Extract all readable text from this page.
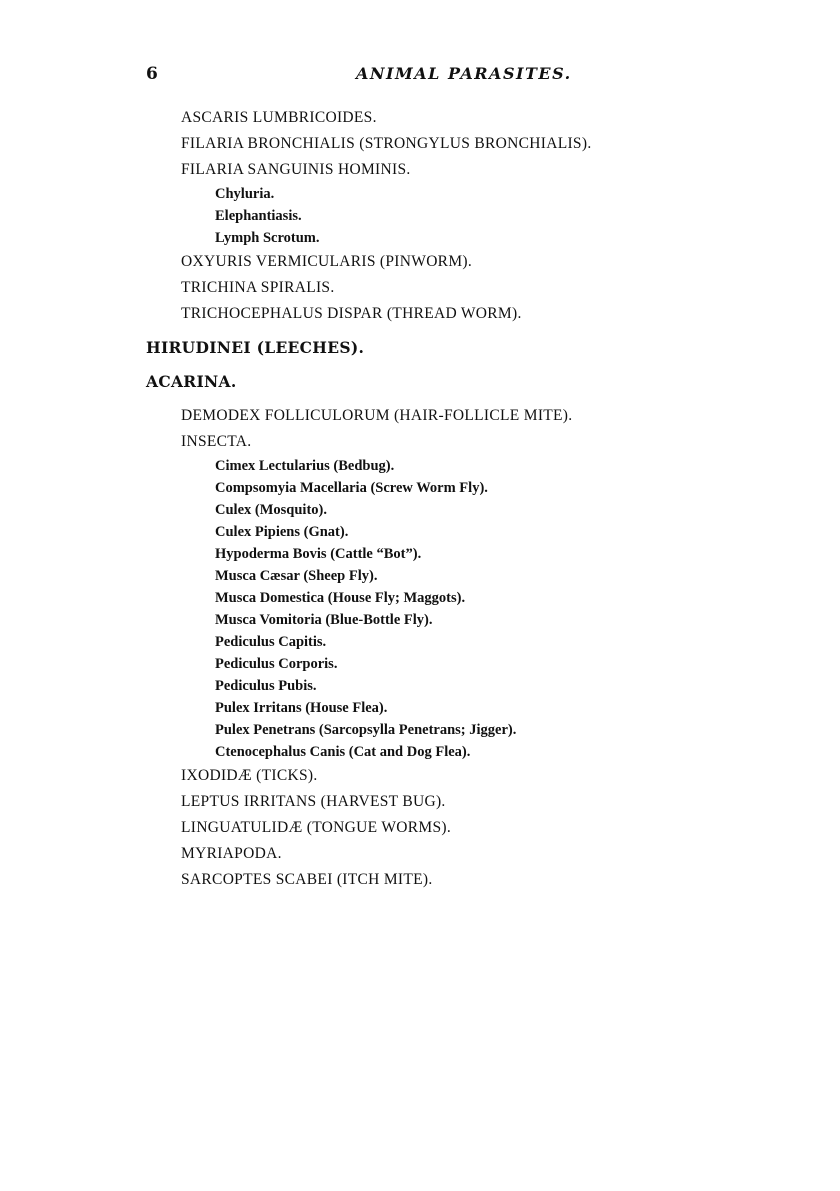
6	ANIMAL PARASITES.
ASCARIS LUMBRICOIDES.
FILARIA BRONCHIALIS (STRONGYLUS BRONCHIALIS).
FILARIA SANGUINIS HOMINIS.
Chyluria.
Elephantiasis.
Lymph Scrotum.
OXYURIS VERMICULARIS (PINWORM).
TRICHINA SPIRALIS.
TRICHOCEPHALUS DISPAR (THREAD WORM).
HIRUDINEI (LEECHES).
ACARINA.
DEMODEX FOLLICULORUM (HAIR-FOLLICLE MITE).
INSECTA.
Cimex Lectularius (Bedbug).
Compsomyia Macellaria (Screw Worm Fly).
Culex (Mosquito).
Culex Pipiens (Gnat).
Hypoderma Bovis (Cattle “Bot”).
Musca Cæsar (Sheep Fly).
Musca Domestica (House Fly; Maggots).
Musca Vomitoria (Blue-Bottle Fly).
Pediculus Capitis.
Pediculus Corporis.
Pediculus Pubis.
Pulex Irritans (House Flea).
Pulex Penetrans (Sarcopsylla Penetrans; Jigger).
Ctenocephalus Canis (Cat and Dog Flea).
IXODIDÆ (TICKS).
LEPTUS IRRITANS (HARVEST BUG).
LINGUATULIDÆ (TONGUE WORMS).
MYRIAPODA.
SARCOPTES SCABEI (ITCH MITE).
